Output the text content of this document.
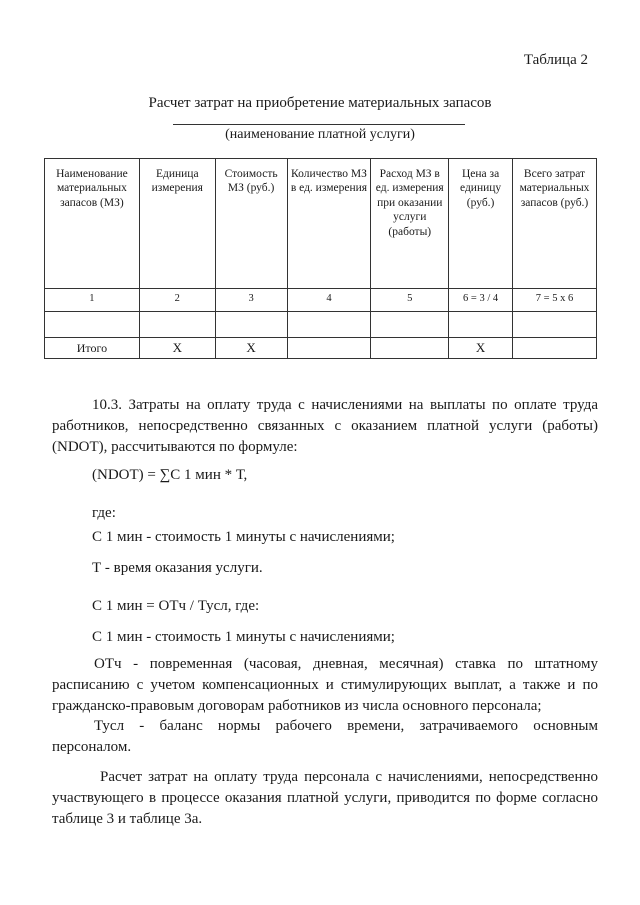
Таблица 2
Расчет затрат на приобретение материальных запасов
(наименование платной услуги)
Наименование материальных запасов (МЗ)	Единица измерения	Стоимость МЗ (руб.)	Количество МЗ в ед. измерения	Расход МЗ в ед. измерения при оказании услуги (работы)	Цена за единицу (руб.)	Всего затрат материальных запасов (руб.)
1	2	3	4	5	6 = 3 / 4	7 = 5 х 6

Итого	Х	Х			Х	
10.3. Затраты на оплату труда с начислениями на выплаты по оплате труда работников, непосредственно связанных с оказанием платной услуги (работы) (NDOT), рассчитываются по формуле:
(NDOT) = ∑С 1 мин * Т,
где:
С 1 мин - стоимость 1 минуты с начислениями;
Т - время оказания услуги.
С 1 мин = ОТч / Тусл, где:
С 1 мин - стоимость 1 минуты с начислениями;
ОТч - повременная (часовая, дневная, месячная) ставка по штатному расписанию с учетом компенсационных и стимулирующих выплат, а также и по гражданско-правовым договорам работников из числа основного персонала;
Тусл - баланс нормы рабочего времени, затрачиваемого основным персоналом.
Расчет затрат на оплату труда персонала с начислениями, непосредственно участвующего в процессе оказания платной услуги, приводится по форме согласно таблице 3 и таблице 3а.
